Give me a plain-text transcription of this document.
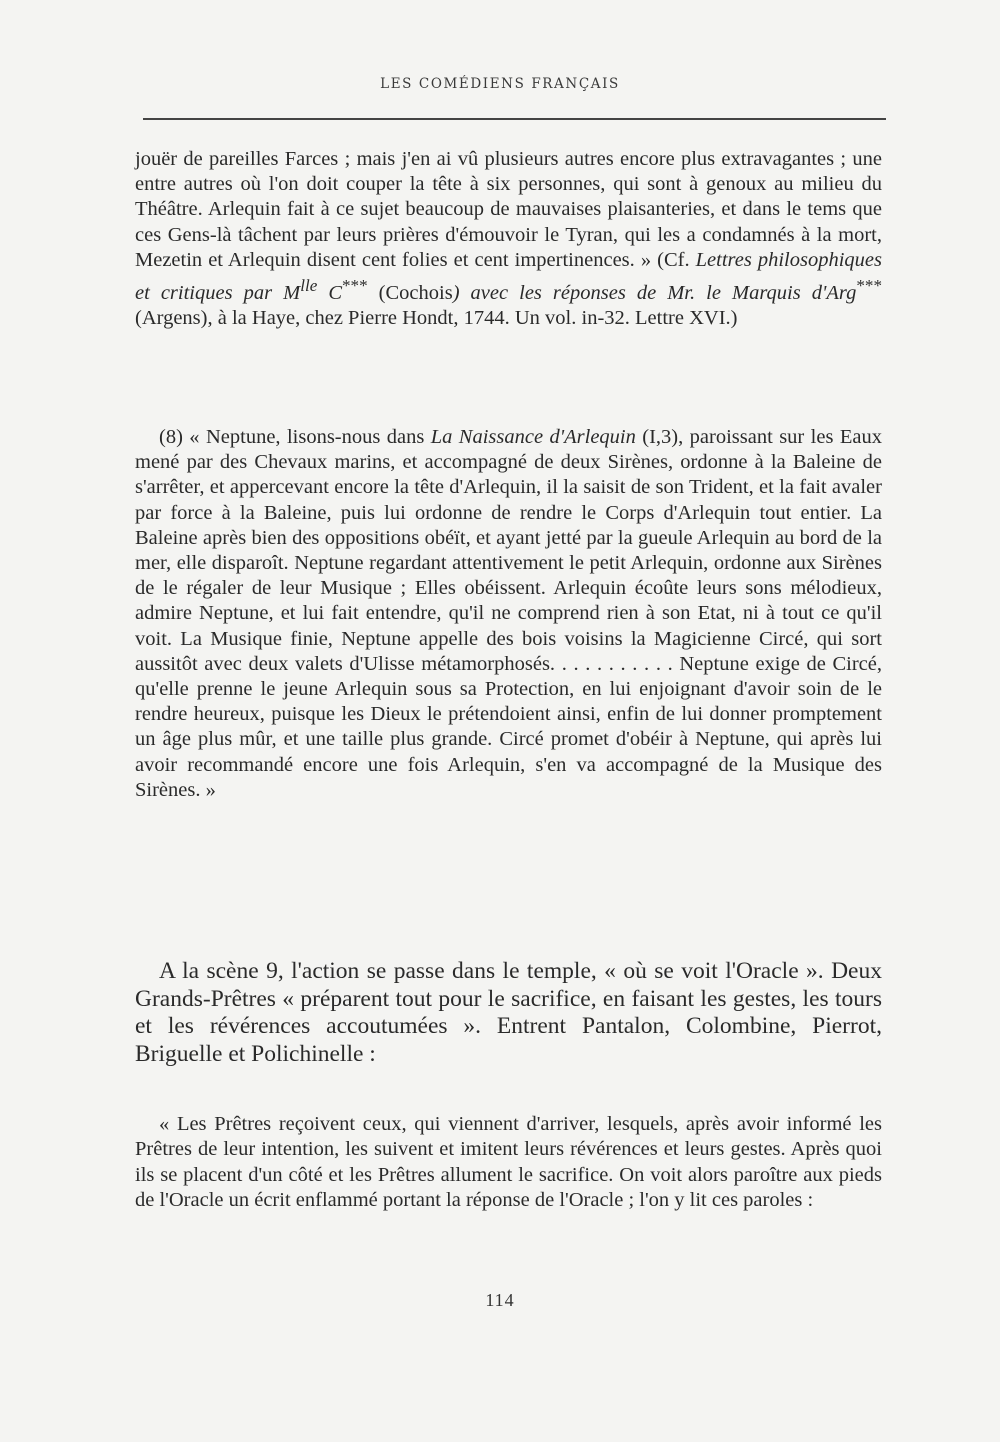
LES COMÉDIENS FRANÇAIS
jouër de pareilles Farces ; mais j'en ai vû plusieurs autres encore plus extravagantes ; une entre autres où l'on doit couper la tête à six personnes, qui sont à genoux au milieu du Théâtre. Arlequin fait à ce sujet beaucoup de mauvaises plaisanteries, et dans le tems que ces Gens-là tâchent par leurs prières d'émouvoir le Tyran, qui les a condamnés à la mort, Mezetin et Arlequin disent cent folies et cent impertinences. » (Cf. Lettres philosophiques et critiques par $M^{lle}$ C*** (Cochois) avec les réponses de Mr. le Marquis d'Arg*** (Argens), à la Haye, chez Pierre Hondt, 1744. Un vol. in-32. Lettre XVI.)
(8) « Neptune, lisons-nous dans La Naissance d'Arlequin (I,3), paroissant sur les Eaux mené par des Chevaux marins, et accompagné de deux Sirènes, ordonne à la Baleine de s'arrêter, et appercevant encore la tête d'Arlequin, il la saisit de son Trident, et la fait avaler par force à la Baleine, puis lui ordonne de rendre le Corps d'Arlequin tout entier. La Baleine après bien des oppositions obéït, et ayant jetté par la gueule Arlequin au bord de la mer, elle disparoît. Neptune regardant attentivement le petit Arlequin, ordonne aux Sirènes de le régaler de leur Musique ; Elles obéissent. Arlequin écoûte leurs sons mélodieux, admire Neptune, et lui fait entendre, qu'il ne comprend rien à son Etat, ni à tout ce qu'il voit. La Musique finie, Neptune appelle des bois voisins la Magicienne Circé, qui sort aussitôt avec deux valets d'Ulisse métamorphosés. . . . . . . . . . . Neptune exige de Circé, qu'elle prenne le jeune Arlequin sous sa Protection, en lui enjoignant d'avoir soin de le rendre heureux, puisque les Dieux le prétendoient ainsi, enfin de lui donner promptement un âge plus mûr, et une taille plus grande. Circé promet d'obéir à Neptune, qui après lui avoir recommandé encore une fois Arlequin, s'en va accompagné de la Musique des Sirènes. »
A la scène 9, l'action se passe dans le temple, « où se voit l'Oracle ». Deux Grands-Prêtres « préparent tout pour le sacrifice, en faisant les gestes, les tours et les révérences accoutumées ». Entrent Pantalon, Colombine, Pierrot, Briguelle et Polichinelle :
« Les Prêtres reçoivent ceux, qui viennent d'arriver, lesquels, après avoir informé les Prêtres de leur intention, les suivent et imitent leurs révérences et leurs gestes. Après quoi ils se placent d'un côté et les Prêtres allument le sacrifice. On voit alors paroître aux pieds de l'Oracle un écrit enflammé portant la réponse de l'Oracle ; l'on y lit ces paroles :
114
